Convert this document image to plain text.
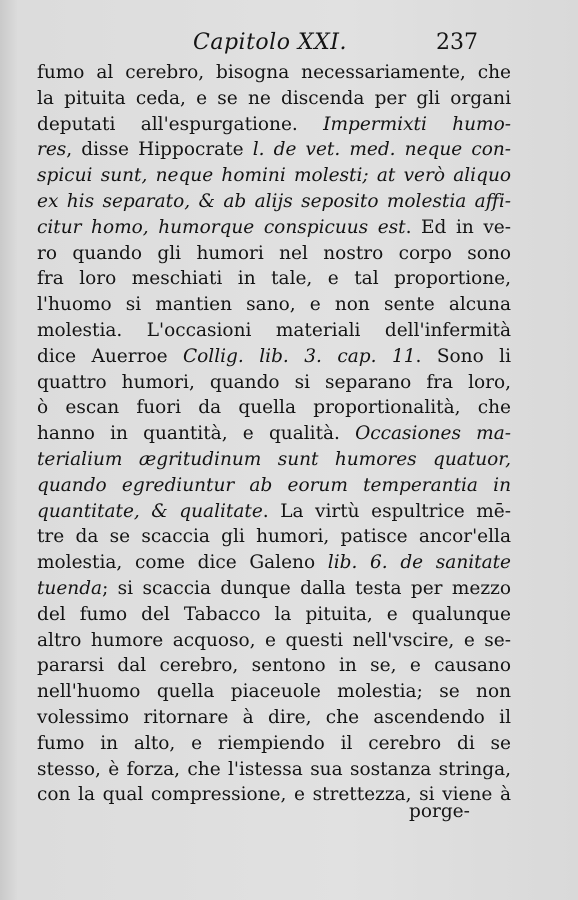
Capitolo XXI.	237
fumo al cerebro, bisogna necessariamente, che
la pituita ceda, e se ne discenda per gli organi
deputati all'espurgatione. Impermixti humo-
res, disse Hippocrate l. de vet. med. neque con-
spicui sunt, neque homini molesti; at verò aliquo
ex his separato, & ab alijs seposito molestia affi-
citur homo, humorque conspicuus est. Ed in ve-
ro quando gli humori nel nostro corpo sono
fra loro meschiati in tale, e tal proportione,
l'huomo si mantien sano, e non sente alcuna
molestia. L'occasioni materiali dell'infermità
dice Auerroe Collig. lib. 3. cap. 11. Sono li
quattro humori, quando si separano fra loro,
ò escan fuori da quella proportionalità, che
hanno in quantità, e qualità. Occasiones ma-
terialium ægritudinum sunt humores quatuor,
quando egrediuntur ab eorum temperantia in
quantitate, & qualitate. La virtù espultrice mē-
tre da se scaccia gli humori, patisce ancor'ella
molestia, come dice Galeno lib. 6. de sanitate
tuenda; si scaccia dunque dalla testa per mezzo
del fumo del Tabacco la pituita, e qualunque
altro humore acquoso, e questi nell'vscire, e se-
pararsi dal cerebro, sentono in se, e causano
nell'huomo quella piaceuole molestia; se non
volessimo ritornare à dire, che ascendendo il
fumo in alto, e riempiendo il cerebro di se
stesso, è forza, che l'istessa sua sostanza stringa,
con la qual compressione, e strettezza, si viene à
porge-
